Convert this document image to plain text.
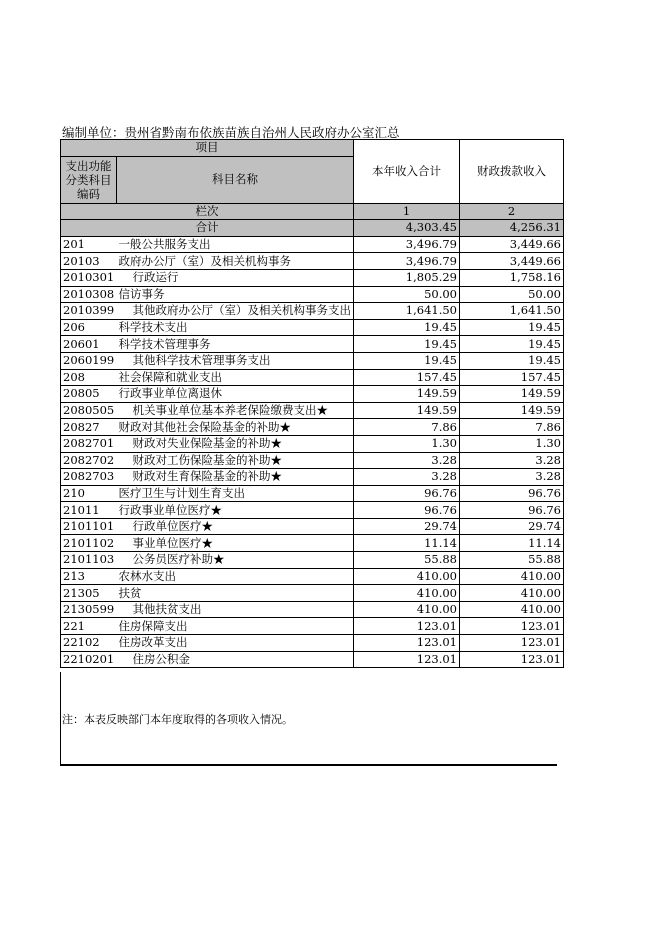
编制单位：贵州省黔南布依族苗族自治州人民政府办公室汇总
项目		本年收入合计	财政拨款收入
支出功能分类科目编码	科目名称		

栏次		1	2
合计		4,303.45	4,256.31
201	一般公共服务支出	3,496.79	3,449.66
20103	政府办公厅（室）及相关机构事务	3,496.79	3,449.66
2010301	行政运行	1,805.29	1,758.16
2010308	信访事务	50.00	50.00
2010399	其他政府办公厅（室）及相关机构事务支出	1,641.50	1,641.50
206	科学技术支出	19.45	19.45
20601	科学技术管理事务	19.45	19.45
2060199	其他科学技术管理事务支出	19.45	19.45
208	社会保障和就业支出	157.45	157.45
20805	行政事业单位离退休	149.59	149.59
2080505	机关事业单位基本养老保险缴费支出★	149.59	149.59
20827	财政对其他社会保险基金的补助★	7.86	7.86
2082701	财政对失业保险基金的补助★	1.30	1.30
2082702	财政对工伤保险基金的补助★	3.28	3.28
2082703	财政对生育保险基金的补助★	3.28	3.28
210	医疗卫生与计划生育支出	96.76	96.76
21011	行政事业单位医疗★	96.76	96.76
2101101	行政单位医疗★	29.74	29.74
2101102	事业单位医疗★	11.14	11.14
2101103	公务员医疗补助★	55.88	55.88
213	农林水支出	410.00	410.00
21305	扶贫	410.00	410.00
2130599	其他扶贫支出	410.00	410.00
221	住房保障支出	123.01	123.01
22102	住房改革支出	123.01	123.01
2210201	住房公积金	123.01	123.01
注：本表反映部门本年度取得的各项收入情况。
